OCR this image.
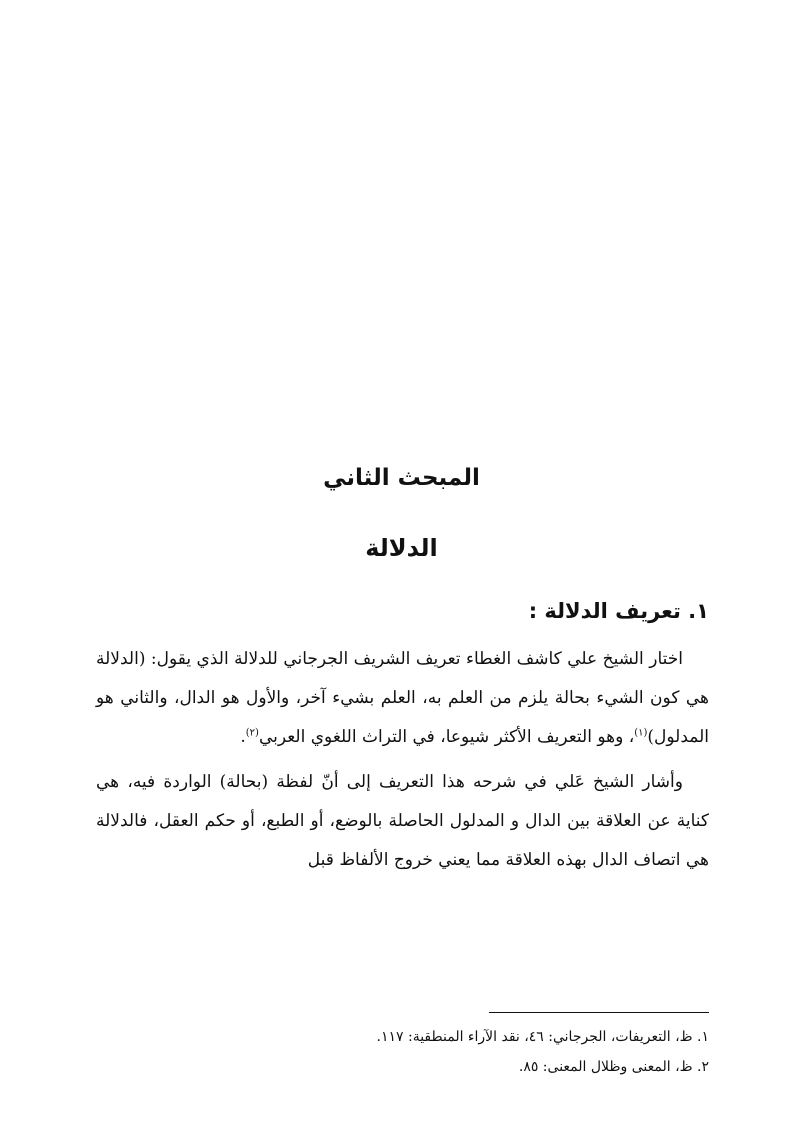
المبحث الثاني
الدلالة
١. تعريف الدلالة :

اختار الشيخ علي كاشف الغطاء تعريف الشريف الجرجاني للدلالة الذي يقول: (الدلالة هي كون الشيء بحالة يلزم من العلم به، العلم بشيء آخر، والأول هو الدال، والثاني هو المدلول)$^{(١)}$، وهو التعريف الأكثر شيوعا، في التراث اللغوي العربي$^{(٢)}$.

وأشار الشيخ عَلي في شرحه هذا التعريف إلى أنّ لفظة (بحالة) الواردة فيه، هي كناية عن العلاقة بين الدال و المدلول الحاصلة بالوضع، أو الطبع، أو حكم العقل، فالدلالة هي اتصاف الدال بهذه العلاقة مما يعني خروج الألفاظ قبل

١. ظ، التعريفات، الجرجاني: ٤٦، نقد الآراء المنطقية: ١١٧.

٢. ظ، المعنى وظلال المعنى: ٨٥.
